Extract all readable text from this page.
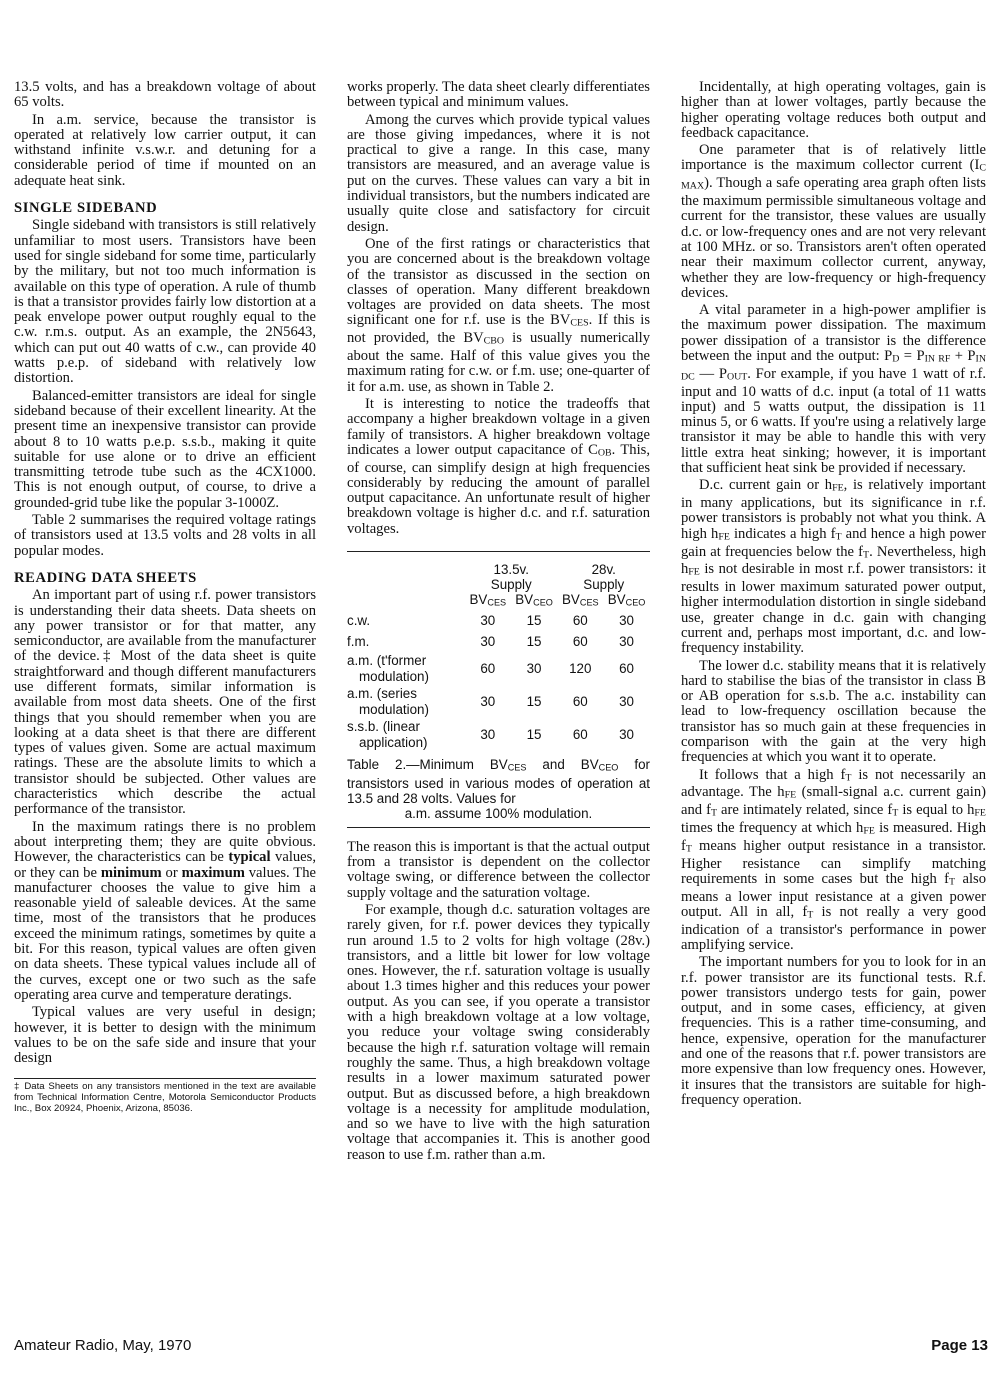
13.5 volts, and has a breakdown voltage of about 65 volts.

In a.m. service, because the transistor is operated at relatively low carrier output, it can withstand infinite v.s.w.r. and detuning for a considerable period of time if mounted on an adequate heat sink.

SINGLE SIDEBAND

Single sideband with transistors is still relatively unfamiliar to most users. Transistors have been used for single sideband for some time, particularly by the military, but not too much information is available on this type of operation. A rule of thumb is that a transistor provides fairly low distortion at a peak envelope power output roughly equal to the c.w. r.m.s. output. As an example, the 2N5643, which can put out 40 watts of c.w., can provide 40 watts p.e.p. of sideband with relatively low distortion.

Balanced-emitter transistors are ideal for single sideband because of their excellent linearity. At the present time an inexpensive transistor can provide about 8 to 10 watts p.e.p. s.s.b., making it quite suitable for use alone or to drive an efficient transmitting tetrode tube such as the 4CX1000. This is not enough output, of course, to drive a grounded-grid tube like the popular 3-1000Z.

Table 2 summarises the required voltage ratings of transistors used at 13.5 volts and 28 volts in all popular modes.

READING DATA SHEETS

An important part of using r.f. power transistors is understanding their data sheets. Data sheets on any power transistor or for that matter, any semiconductor, are available from the manufacturer of the device.‡ Most of the data sheet is quite straightforward and though different manufacturers use different formats, similar information is available from most data sheets. One of the first things that you should remember when you are looking at a data sheet is that there are different types of values given. Some are actual maximum ratings. These are the absolute limits to which a transistor should be subjected. Other values are characteristics which describe the actual performance of the transistor.

In the maximum ratings there is no problem about interpreting them; they are quite obvious. However, the characteristics can be typical values, or they can be minimum or maximum values. The manufacturer chooses the value to give him a reasonable yield of saleable devices. At the same time, most of the transistors that he produces exceed the minimum ratings, sometimes by quite a bit. For this reason, typical values are often given on data sheets. These typical values include all of the curves, except one or two such as the safe operating area curve and temperature deratings.

Typical values are very useful in design; however, it is better to design with the minimum values to be on the safe side and insure that your design

‡ Data Sheets on any transistors mentioned in the text are available from Technical Information Centre, Motorola Semiconductor Products Inc., Box 20924, Phoenix, Arizona, 85036.

works properly. The data sheet clearly differentiates between typical and minimum values.

Among the curves which provide typical values are those giving impedances, where it is not practical to give a range. In this case, many transistors are measured, and an average value is put on the curves. These values can vary a bit in individual transistors, but the numbers indicated are usually quite close and satisfactory for circuit design.

One of the first ratings or characteristics that you are concerned about is the breakdown voltage of the transistor as discussed in the section on classes of operation. Many different breakdown voltages are provided on data sheets. The most significant one for r.f. use is the BVCES. If this is not provided, the BVCBO is usually numerically about the same. Half of this value gives you the maximum rating for c.w. or f.m. use; one-quarter of it for a.m. use, as shown in Table 2.

It is interesting to notice the tradeoffs that accompany a higher breakdown voltage in a given family of transistors. A higher breakdown voltage indicates a lower output capacitance of COB. This, of course, can simplify design at high frequencies considerably by reducing the amount of parallel output capacitance. An unfortunate result of higher breakdown voltage is higher d.c. and r.f. saturation voltages.

	13.5v.		28v.	
	Supply		Supply	
	BVCES	BVCEO	BVCES	BVCEO
c.w.	30	15	60	30
f.m.	30	15	60	30
a.m. (t'former
modulation)	60	30	120	60
a.m. (series
modulation)	30	15	60	30
s.s.b. (linear
application)	30	15	60	30
Table 2.—Minimum BVCES and BVCEO for transistors used in various modes of operation at 13.5 and 28 volts. Values for
a.m. assume 100% modulation.

The reason this is important is that the actual output from a transistor is dependent on the collector voltage swing, or difference between the collector supply voltage and the saturation voltage.

For example, though d.c. saturation voltages are rarely given, for r.f. power devices they typically run around 1.5 to 2 volts for high voltage (28v.) transistors, and a little bit lower for low voltage ones. However, the r.f. saturation voltage is usually about 1.3 times higher and this reduces your power output. As you can see, if you operate a transistor with a high breakdown voltage at a low voltage, you reduce your voltage swing considerably because the high r.f. saturation voltage will remain roughly the same. Thus, a high breakdown voltage results in a lower maximum saturated power output. But as discussed before, a high breakdown voltage is a necessity for amplitude modulation, and so we have to live with the high saturation voltage that accompanies it. This is another good reason to use f.m. rather than a.m.

Incidentally, at high operating voltages, gain is higher than at lower voltages, partly because the higher operating voltage reduces both output and feedback capacitance.

One parameter that is of relatively little importance is the maximum collector current (IC MAX). Though a safe operating area graph often lists the maximum permissible simultaneous voltage and current for the transistor, these values are usually d.c. or low-frequency ones and are not very relevant at 100 MHz. or so. Transistors aren't often operated near their maximum collector current, anyway, whether they are low-frequency or high-frequency devices.

A vital parameter in a high-power amplifier is the maximum power dissipation. The maximum power dissipation of a transistor is the difference between the input and the output: PD = PIN RF + PIN DC — POUT. For example, if you have 1 watt of r.f. input and 10 watts of d.c. input (a total of 11 watts input) and 5 watts output, the dissipation is 11 minus 5, or 6 watts. If you're using a relatively large transistor it may be able to handle this with very little extra heat sinking; however, it is important that sufficient heat sink be provided if necessary.

D.c. current gain or hFE, is relatively important in many applications, but its significance in r.f. power transistors is probably not what you think. A high hFE indicates a high fT and hence a high power gain at frequencies below the fT. Nevertheless, high hFE is not desirable in most r.f. power transistors: it results in lower maximum saturated power output, higher intermodulation distortion in single sideband use, greater change in d.c. gain with changing current and, perhaps most important, d.c. and low-frequency instability.

The lower d.c. stability means that it is relatively hard to stabilise the bias of the transistor in class B or AB operation for s.s.b. The a.c. instability can lead to low-frequency oscillation because the transistor has so much gain at these frequencies in comparison with the gain at the very high frequencies at which you want it to operate.

It follows that a high fT is not necessarily an advantage. The hFE (small-signal a.c. current gain) and fT are intimately related, since fT is equal to hFE times the frequency at which hFE is measured. High fT means higher output resistance in a transistor. Higher resistance can simplify matching requirements in some cases but the high fT also means a lower input resistance at a given power output. All in all, fT is not really a very good indication of a transistor's performance in power amplifying service.

The important numbers for you to look for in an r.f. power transistor are its functional tests. R.f. power transistors undergo tests for gain, power output, and in some cases, efficiency, at given frequencies. This is a rather time-consuming, and hence, expensive, operation for the manufacturer and one of the reasons that r.f. power transistors are more expensive than low frequency ones. However, it insures that the transistors are suitable for high-frequency operation.

Amateur Radio, May, 1970	Page 13
